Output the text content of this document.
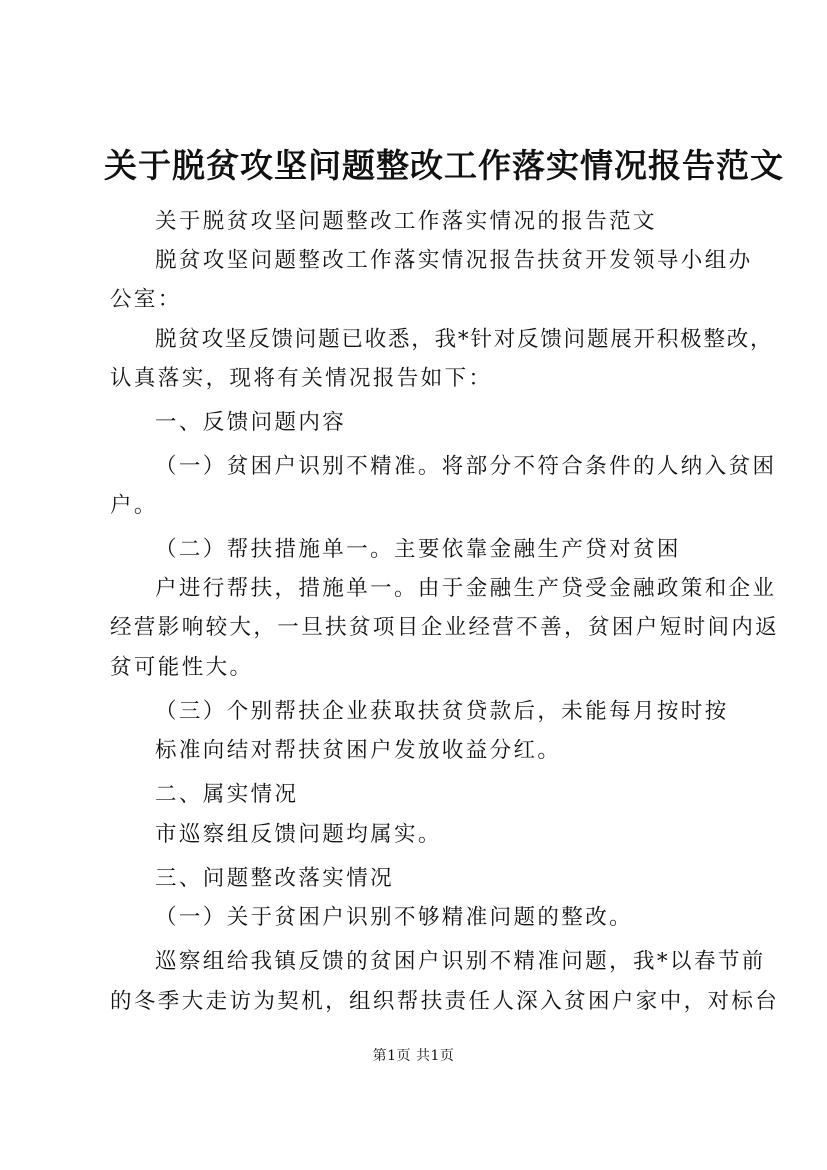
关于脱贫攻坚问题整改工作落实情况报告范文
关于脱贫攻坚问题整改工作落实情况的报告范文
脱贫攻坚问题整改工作落实情况报告扶贫开发领导小组办
公室：
脱贫攻坚反馈问题已收悉，我*针对反馈问题展开积极整改，
认真落实，现将有关情况报告如下：
一、反馈问题内容
（一）贫困户识别不精准。将部分不符合条件的人纳入贫困
户。
（二）帮扶措施单一。主要依靠金融生产贷对贫困
户进行帮扶，措施单一。由于金融生产贷受金融政策和企业
经营影响较大，一旦扶贫项目企业经营不善，贫困户短时间内返
贫可能性大。
（三）个别帮扶企业获取扶贫贷款后，未能每月按时按
标准向结对帮扶贫困户发放收益分红。
二、属实情况
市巡察组反馈问题均属实。
三、问题整改落实情况
（一）关于贫困户识别不够精准问题的整改。
巡察组给我镇反馈的贫困户识别不精准问题，我*以春节前
的冬季大走访为契机，组织帮扶责任人深入贫困户家中，对标台
第1页 共1页
